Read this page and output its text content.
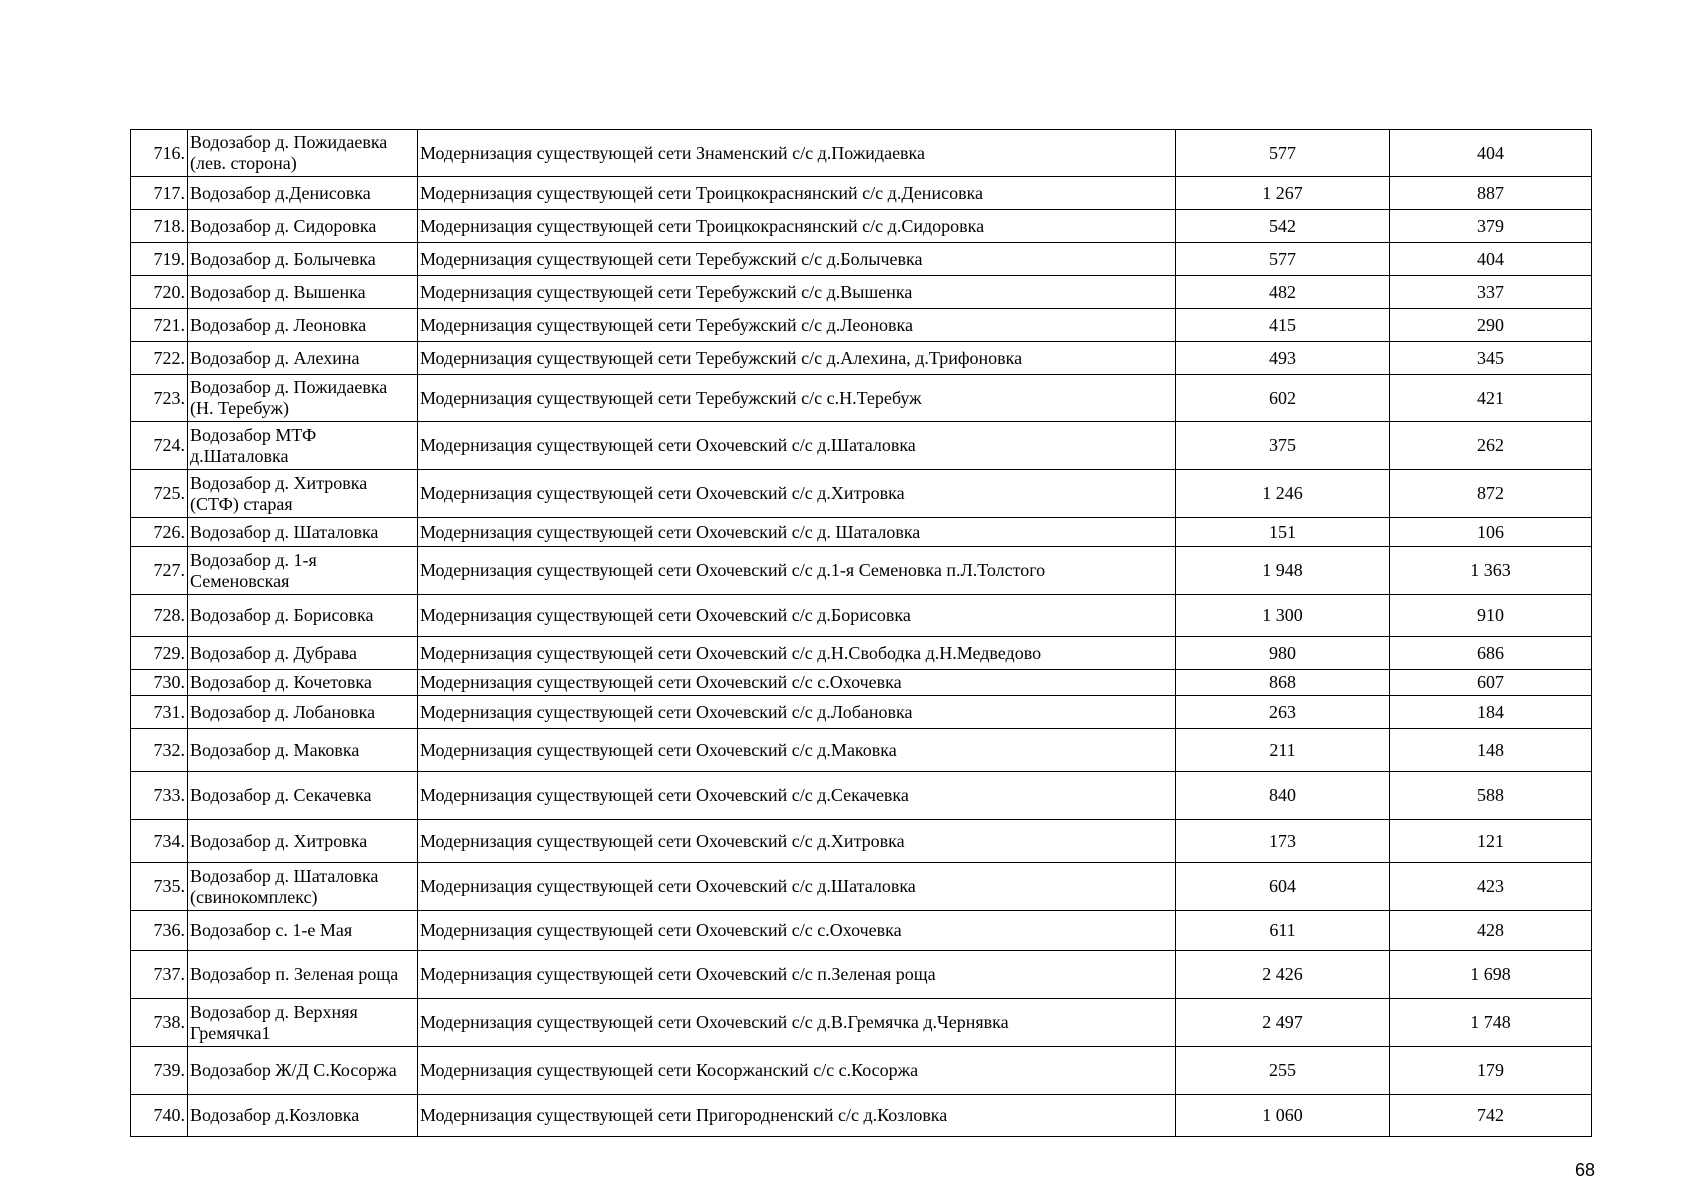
716.	Водозабор д. Пожидаевка (лев. сторона)	Модернизация существующей сети Знаменский с/с д.Пожидаевка	577	404
717.	Водозабор д.Денисовка	Модернизация существующей сети Троицкокраснянский с/с д.Денисовка	1 267	887
718.	Водозабор д. Сидоровка	Модернизация существующей сети Троицкокраснянский с/с д.Сидоровка	542	379
719.	Водозабор д. Болычевка	Модернизация существующей сети Теребужский с/с д.Болычевка	577	404
720.	Водозабор д. Вышенка	Модернизация существующей сети Теребужский с/с д.Вышенка	482	337
721.	Водозабор д. Леоновка	Модернизация существующей сети Теребужский с/с д.Леоновка	415	290
722.	Водозабор д. Алехина	Модернизация существующей сети Теребужский с/с д.Алехина, д.Трифоновка	493	345
723.	Водозабор д. Пожидаевка (Н. Теребуж)	Модернизация существующей сети Теребужский с/с с.Н.Теребуж	602	421
724.	Водозабор МТФ д.Шаталовка	Модернизация существующей сети Охочевский с/с д.Шаталовка	375	262
725.	Водозабор д. Хитровка (СТФ) старая	Модернизация существующей сети Охочевский с/с д.Хитровка	1 246	872
726.	Водозабор д. Шаталовка	Модернизация существующей сети Охочевский с/с д. Шаталовка	151	106
727.	Водозабор д. 1-я Семеновская	Модернизация существующей сети Охочевский с/с д.1-я Семеновка п.Л.Толстого	1 948	1 363
728.	Водозабор д. Борисовка	Модернизация существующей сети Охочевский с/с д.Борисовка	1 300	910
729.	Водозабор д. Дубрава	Модернизация существующей сети Охочевский с/с д.Н.Свободка д.Н.Медведово	980	686
730.	Водозабор д. Кочетовка	Модернизация существующей сети Охочевский с/с с.Охочевка	868	607
731.	Водозабор д. Лобановка	Модернизация существующей сети Охочевский с/с д.Лобановка	263	184
732.	Водозабор д. Маковка	Модернизация существующей сети Охочевский с/с д.Маковка	211	148
733.	Водозабор д. Секачевка	Модернизация существующей сети Охочевский с/с д.Секачевка	840	588
734.	Водозабор д. Хитровка	Модернизация существующей сети Охочевский с/с д.Хитровка	173	121
735.	Водозабор д. Шаталовка (свинокомплекс)	Модернизация существующей сети Охочевский с/с д.Шаталовка	604	423
736.	Водозабор с. 1-е Мая	Модернизация существующей сети Охочевский с/с с.Охочевка	611	428
737.	Водозабор п. Зеленая роща	Модернизация существующей сети Охочевский с/с п.Зеленая роща	2 426	1 698
738.	Водозабор д. Верхняя Гремячка1	Модернизация существующей сети Охочевский с/с д.В.Гремячка д.Чернявка	2 497	1 748
739.	Водозабор Ж/Д С.Косоржа	Модернизация существующей сети Косоржанский с/с с.Косоржа	255	179
740.	Водозабор д.Козловка	Модернизация существующей сети Пригородненский с/с д.Козловка	1 060	742
68
